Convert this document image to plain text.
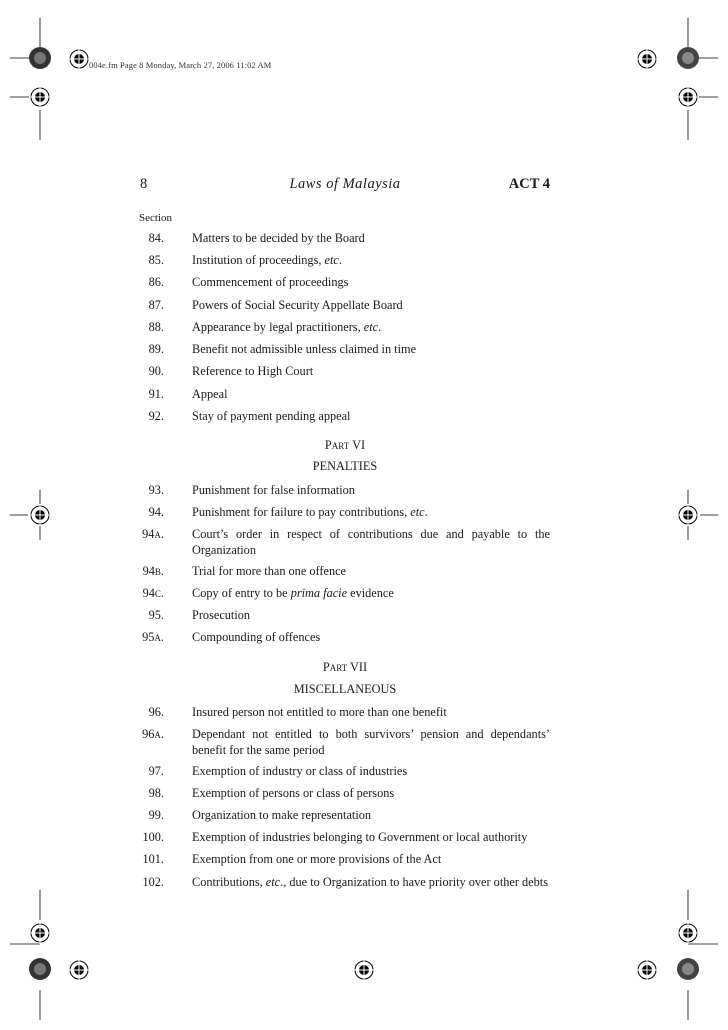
004e.fm Page 8 Monday, March 27, 2006 11:02 AM
8	Laws of Malaysia	ACT 4
Section
84. Matters to be decided by the Board
85. Institution of proceedings, etc.
86. Commencement of proceedings
87. Powers of Social Security Appellate Board
88. Appearance by legal practitioners, etc.
89. Benefit not admissible unless claimed in time
90. Reference to High Court
91. Appeal
92. Stay of payment pending appeal
Part VI
PENALTIES
93. Punishment for false information
94. Punishment for failure to pay contributions, etc.
94a. Court’s order in respect of contributions due and payable to the Organization
94b. Trial for more than one offence
94c. Copy of entry to be prima facie evidence
95. Prosecution
95a. Compounding of offences
Part VII
MISCELLANEOUS
96. Insured person not entitled to more than one benefit
96a. Dependant not entitled to both survivors’ pension and dependants’ benefit for the same period
97. Exemption of industry or class of industries
98. Exemption of persons or class of persons
99. Organization to make representation
100. Exemption of industries belonging to Government or local authority
101. Exemption from one or more provisions of the Act
102. Contributions, etc., due to Organization to have priority over other debts
